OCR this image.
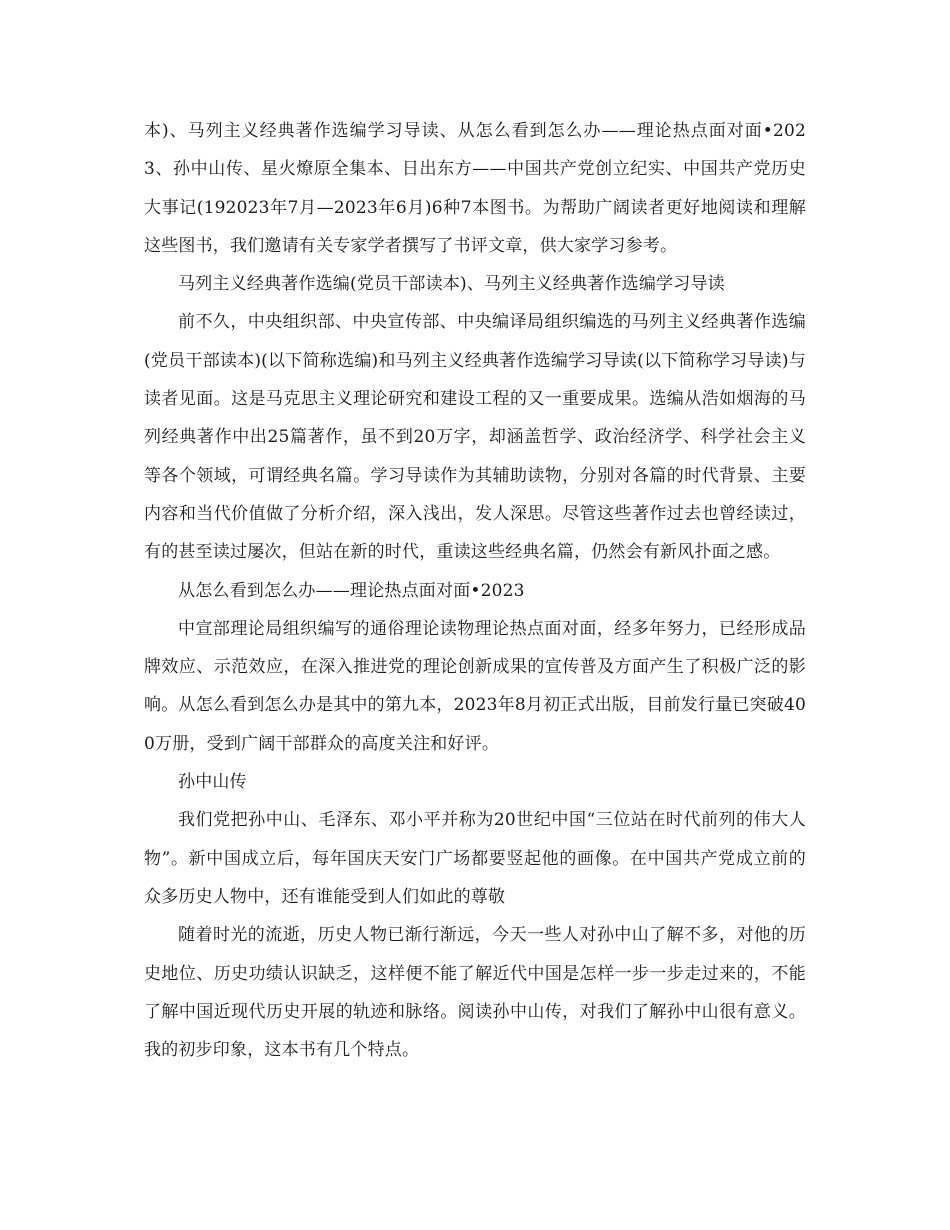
本)、马列主义经典著作选编学习导读、从怎么看到怎么办——理论热点面对面•2023、孙中山传、星火燎原全集本、日出东方——中国共产党创立纪实、中国共产党历史大事记(192023年7月—2023年6月)6种7本图书。为帮助广阔读者更好地阅读和理解这些图书，我们邀请有关专家学者撰写了书评文章，供大家学习参考。

马列主义经典著作选编(党员干部读本)、马列主义经典著作选编学习导读

前不久，中央组织部、中央宣传部、中央编译局组织编选的马列主义经典著作选编(党员干部读本)(以下简称选编)和马列主义经典著作选编学习导读(以下简称学习导读)与读者见面。这是马克思主义理论研究和建设工程的又一重要成果。选编从浩如烟海的马列经典著作中出25篇著作，虽不到20万字，却涵盖哲学、政治经济学、科学社会主义等各个领域，可谓经典名篇。学习导读作为其辅助读物，分别对各篇的时代背景、主要内容和当代价值做了分析介绍，深入浅出，发人深思。尽管这些著作过去也曾经读过，有的甚至读过屡次，但站在新的时代，重读这些经典名篇，仍然会有新风扑面之感。

从怎么看到怎么办——理论热点面对面•2023

中宣部理论局组织编写的通俗理论读物理论热点面对面，经多年努力，已经形成品牌效应、示范效应，在深入推进党的理论创新成果的宣传普及方面产生了积极广泛的影响。从怎么看到怎么办是其中的第九本，2023年8月初正式出版，目前发行量已突破400万册，受到广阔干部群众的高度关注和好评。

孙中山传

我们党把孙中山、毛泽东、邓小平并称为20世纪中国“三位站在时代前列的伟大人物”。新中国成立后，每年国庆天安门广场都要竖起他的画像。在中国共产党成立前的众多历史人物中，还有谁能受到人们如此的尊敬

随着时光的流逝，历史人物已渐行渐远，今天一些人对孙中山了解不多，对他的历史地位、历史功绩认识缺乏，这样便不能了解近代中国是怎样一步一步走过来的，不能了解中国近现代历史开展的轨迹和脉络。阅读孙中山传，对我们了解孙中山很有意义。我的初步印象，这本书有几个特点。
